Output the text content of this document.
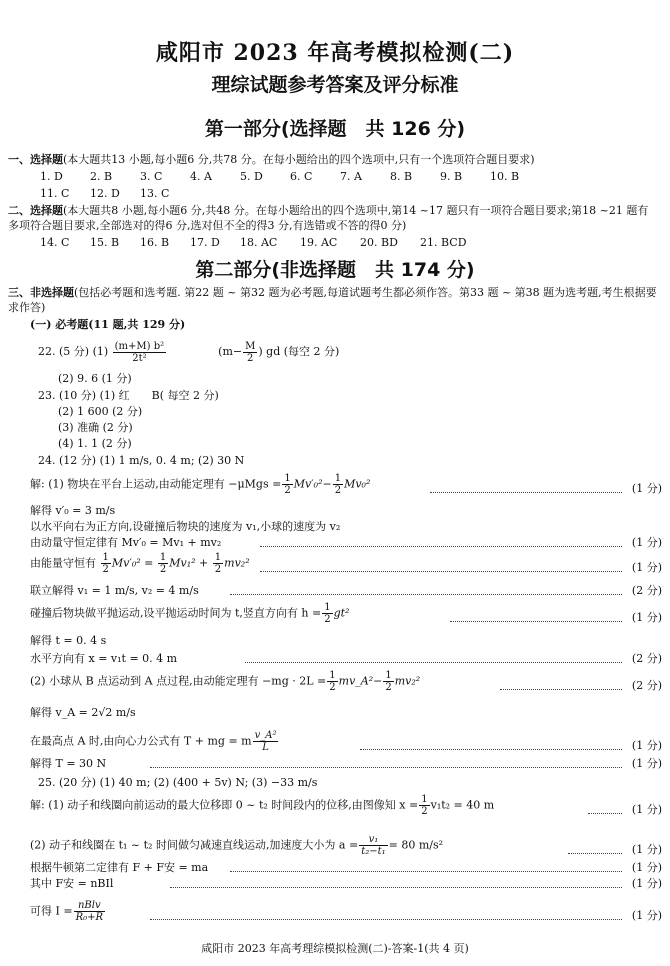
咸阳市 2023 年高考模拟检测(二)
理综试题参考答案及评分标准
第一部分(选择题　共 126 分)
一、选择题(本大题共13 小题,每小题6 分,共78 分。在每小题给出的四个选项中,只有一个选项符合题目要求)
1. D	2. B	3. C	4. A	5. D	6. C	7. A	8. B	9. B	10. B
11. C	12. D	13. C
二、选择题(本大题共8 小题,每小题6 分,共48 分。在每小题给出的四个选项中,第14 ~17 题只有一项符合题目要求;第18 ~21 题有多项符合题目要求,全部选对的得6 分,选对但不全的得3 分,有选错或不答的得0 分)
14. C	15. B	16. B	17. D	18. AC	19. AC	20. BD	21. BCD
第二部分(非选择题　共 174 分)
三、非选择题(包括必考题和选考题. 第22 题 ~ 第32 题为必考题,每道试题考生都必须作答。第33 题 ~ 第38 题为选考题,考生根据要求作答)
(一) 必考题(11 题,共 129 分)
22. (5 分) $(1) \frac{\text{(m+M) b²}}{\text{2t²}}$	($m- \frac{M}{2}$ ) gd (每空 2 分)
(2) 9. 6 (1 分)
23. (10 分) (1) 红　　B( 每空 2 分)
(2) 1 600 (2 分)
(3) 准确 (2 分)
(4) 1. 1 (2 分)
24. (12 分) (1) 1 m/s, 0. 4 m; (2) 30 N
解: (1) 物块在平台上运动,由动能定理有 $-\mu Mgs = \frac{1}{2} Mv'_0^2- \frac{1}{2} Mv_0^2$	(1 分)
解得 v′₀ = 3 m/s
以水平向右为正方向,设碰撞后物块的速度为 v₁,小球的速度为 v₂
由动量守恒定律有 Mv′₀ = Mv₁ + mv₂	(1 分)
由能量守恒有 $\frac{1}{2} Mv'_0^2 = \frac{1}{2} Mv_1^2 + \frac{1}{2} mv_2^2$	(1 分)
联立解得 v₁ = 1 m/s, v₂ = 4 m/s	(2 分)
碰撞后物块做平抛运动,设平抛运动时间为 t,竖直方向有 $h = \frac{1}{2} gt^2$	(1 分)
解得 t = 0. 4 s
水平方向有 x = v₁t = 0. 4 m	(2 分)
(2) 小球从 B 点运动到 A 点过程,由动能定理有 $-mg \cdot 2L = \frac{1}{2}$ mv_A²− $\frac{1}{2} mv_2^2$	(2 分)
解得 v_A = 2√2 m/s
在最高点 A 时,由向心力公式有 T + mg = m $\frac{\text{v\_A²}}{L}$	(1 分)
解得 T = 30 N	(1 分)
25. (20 分) (1) 40 m; (2) (400 + 5v) N; (3) −33 m/s
解: (1) 动子和线圈向前运动的最大位移即 0 ~ t₂ 时间段内的位移,由图像知 $x = \frac{1}{2} v_1t_2 = 40$ m	(1 分)
(2) 动子和线圈在 t₁ ~ t₂ 时间做匀减速直线运动,加速度大小为 $a = \frac{\text{v₁}}{\text{t₂−t₁}} = 80$ m/s²	(1 分)
根据牛顿第二定律有 F + F安 = ma	(1 分)
其中 F安 = nBIl	(1 分)
可得 $I = \frac{\text{nBlv}}{\text{R₀+R}}$	(1 分)
咸阳市 2023 年高考理综模拟检测(二)-答案-1(共 4 页)
